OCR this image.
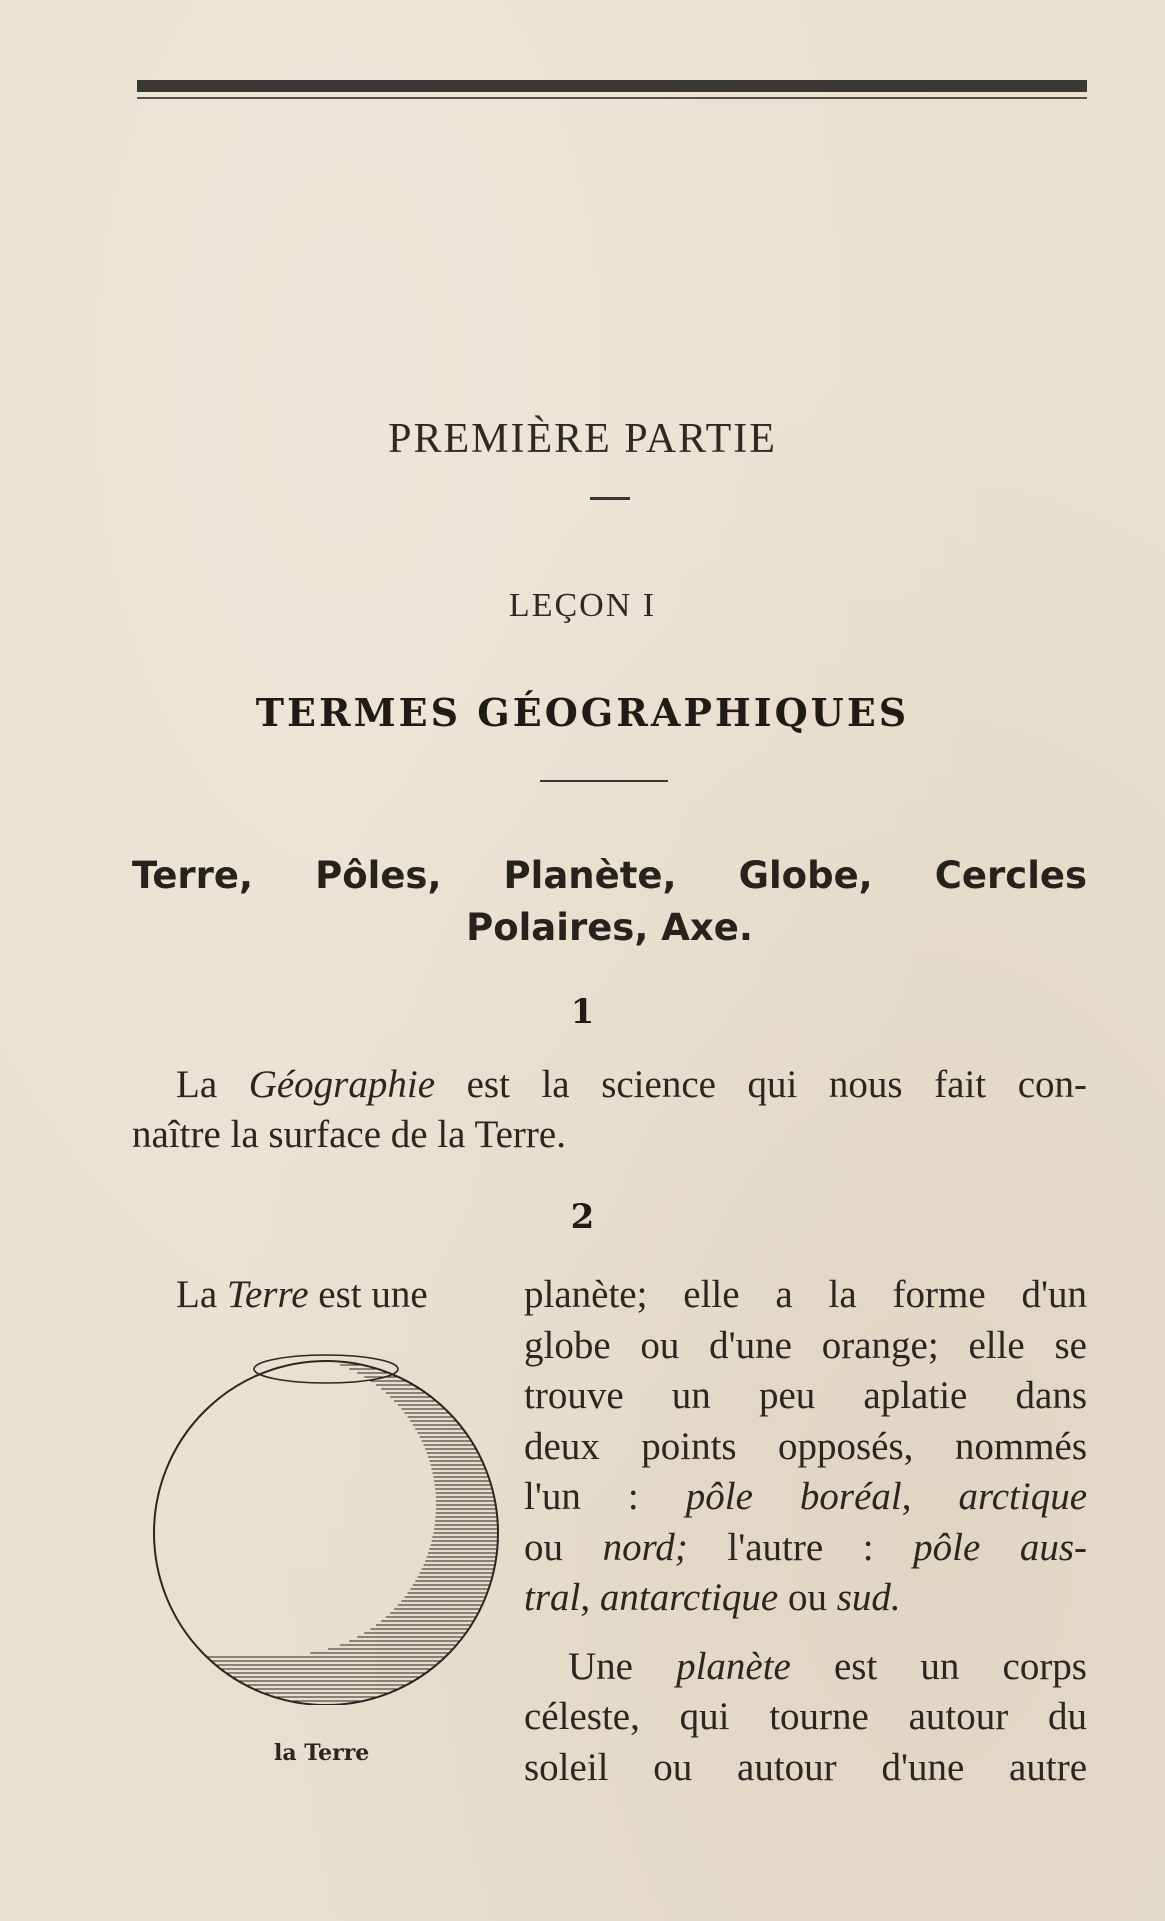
PREMIÈRE PARTIE
LEÇON I
TERMES GÉOGRAPHIQUES
Terre, Pôles, Planète, Globe, Cercles
Polaires, Axe.
1
La Géographie est la science qui nous fait con-
naître la surface de la Terre.
2
La Terre est une planète; elle a la forme d'un
globe ou d'une orange; elle se
trouve un peu aplatie dans
deux points opposés, nommés
l'un : pôle boréal, arctique
ou nord; l'autre : pôle aus-
tral, antarctique ou sud.
Une planète est un corps
céleste, qui tourne autour du
soleil ou autour d'une autre
la Terre
